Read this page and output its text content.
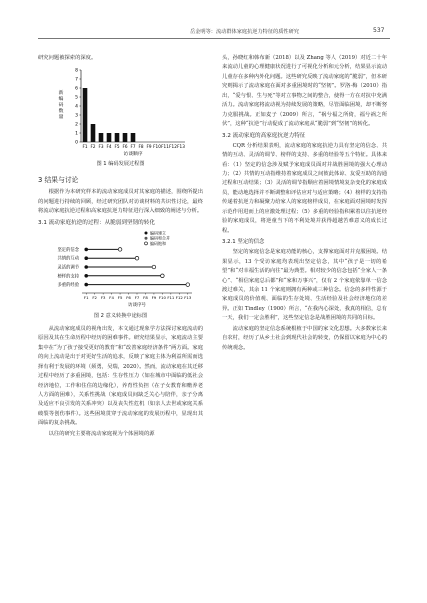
岳金明等：流动群体家庭抗逆力特征的质性研究	537

研究问题被探索的深度。

0
1
2
3
4
5
6
7
8
F1 F2 F3 F4 F5 F6 F7 F8 F9 F10 F11 F12 F13
访谈顺序
新
编
码
数
量
图 1 编码发展过程图
3 结果与讨论

根据作为本研究样本的流动家庭成员对其家庭的描述，围绕所提出的问题进行持续的回顾，经过研究团队对访谈材料的共识性讨论，最终将流动家庭抗逆过程和高家庭抗逆力特征进行深入细致的阐述与分析。

3.1 流动家庭抗逆的过程：从脆弱到坚韧的转化
F1 F2 F3 F4 F5 F6 F7 F8 F9 F10 F11 F12 F13
访谈序号
坚定的信念
共情的互动
灵活的调节
榜样的支持
多重的经验
编码建立
编码和合并
编码饱和
图 2 意义转换中途标图

从流动家庭成员的视角出发，本文通过现象学方法探讨家庭流动的原因及其在生命历程中经历的困难事件。研究结果显示，家庭流动主要集中在“为了孩子接受更好的教育”和“改善家庭经济条件”两方面。家庭的向上流动是出于对更好生活的追求，反映了家庭主体为利益所需而选择有利于发展的环境（须勇，吴瑞，2020）。然而，流动家庭在其迁移过程中经历了多重困境，包括：生存性压力（如在城市中面临的低社会经济地位，工作和住住的边缘化），养育性负担（在子女教育和赡养老人方面的困难），关系性挑战（家庭成员间缺乏关心与陪伴，亲子分离及适应不良引发的关系冲突）以及丧失性危机（如亲人去世或家庭关系破裂等创伤事件）。这些困境贯穿于流动家庭的发展历程中，显现出其面临的复杂挑战。

以往的研究主要将流动家庭视为个体困境的源

头，孙晓红和韩布新（2018）以及 Zhang 等人（2019）对近二十年来流动儿童的心理健康状况进行了可视化分析和元分析，结果显示流动儿童存在多种内外化问题。这些研究反映了流动家庭的“脆弱”，但本研究则揭示了流动家庭在面对多重困境时的“坚韧”。罗洛·梅（2010）指出，“爱与恨、生与死”等对立事物之间的整合，使得一方在对抗中充满活力。流动家庭将流动视为持续发展的策略，尽管面临困境，却不断努力克服挑战。正如麦子（2009）所言，“祸兮福之所倚，福兮祸之所伏”，这种“抗逆”行动促成了流动家庭从“脆弱”到“坚韧”的转化。

3.2 流动家庭的高家庭抗逆力特征

CQR 分析结果表明，流动家庭的家庭抗逆力具有坚定的信念、共情的互动、灵活的调节、榜样的支持、多重的经验等五个特征。具体来看：（1）坚定的信念涉及赋予家庭成员面对并战胜困境的强大心理动力；（2）共情的互动指维持着家庭成员之间彼此体谅、友爱互助的沟通过程和互动结果；（3）灵活的调节指顺应着困境情境复杂变化的家庭成员，能动地选择并不断调整和评估应对与适应策略；（4）榜样的支持指传递着抗逆力和凝聚力给家人的家庭榜样成员，在家庭面对困境时发挥示范作用进而上的应激处理过程；（5）多重的经验指积累着以往抗逆经验的家庭成员，将逆童当下的不利处境并获得超越苦难意义的成长过程。

3.2.1 坚定的信念

坚定的家庭信念是家庭功能的核心，支撑家庭面对并克服困境。结果显示，13 个受访家庭均表现出坚定信念，其中“孩子是一切的希望”和“对幸福生活的向往”最为典型。相对较少的信念包括“全家人一条心”、“相信家庭总后都”和“家和万事兴”，仅有 2 个家庭依靠单一信念渡过难关，其余 11 个家庭则拥有两种或三种信念。信念的多样性源于家庭成员的价值观、面临的生存处境、生活经验及社会经济地位的差异。正如 Tindley（1900）所言，“在我内心深处，我真的相信，总有一天，我们一定会胜利”，这些坚定信念是战胜困境的共同的目标。

流动家庭的坚定信念系统根植于中国的家文化思想。大多数家长来自农村，经历了从乡土社会到现代社会的转变，仍保留以家庭为中心的传统观念。
